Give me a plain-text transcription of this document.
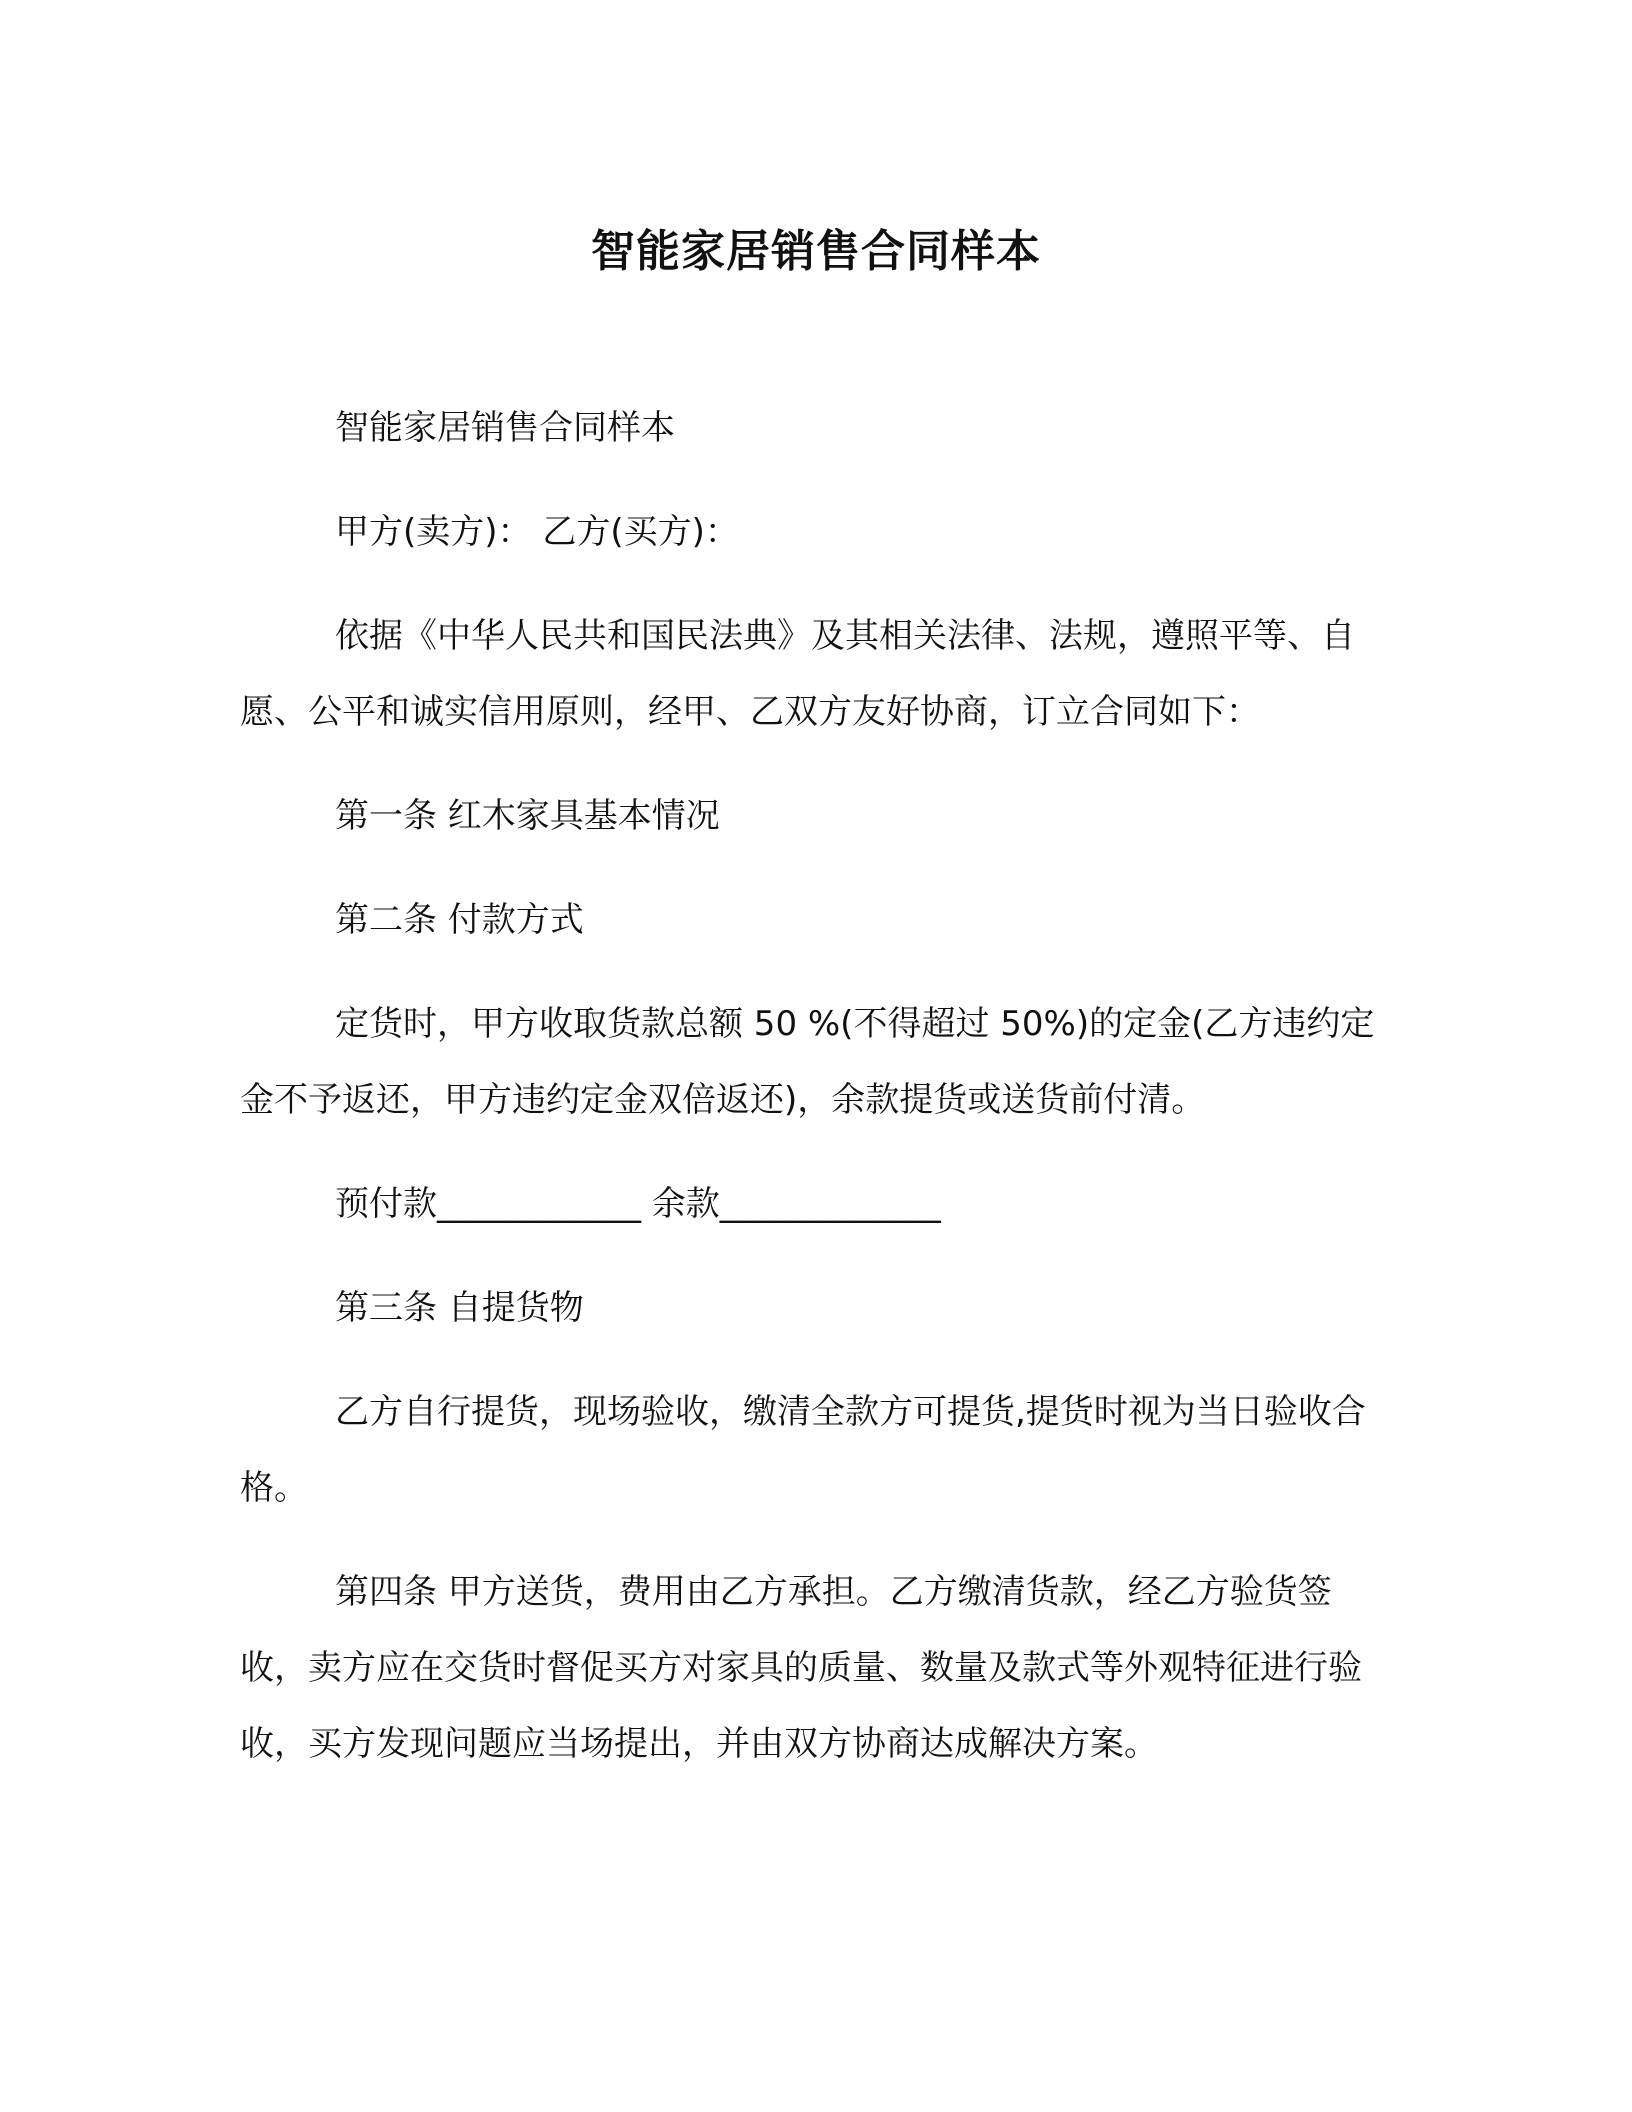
智能家居销售合同样本

智能家居销售合同样本

甲方(卖方)： 乙方(买方)：

依据《中华人民共和国民法典》及其相关法律、法规，遵照平等、自愿、公平和诚实信用原则，经甲、乙双方友好协商，订立合同如下：

第一条 红木家具基本情况

第二条 付款方式

定货时，甲方收取货款总额 50 %(不得超过 50%)的定金(乙方违约定金不予返还，甲方违约定金双倍返还)，余款提货或送货前付清。

预付款____________ 余款_____________

第三条 自提货物

乙方自行提货，现场验收，缴清全款方可提货,提货时视为当日验收合格。

第四条 甲方送货，费用由乙方承担。乙方缴清货款，经乙方验货签收，卖方应在交货时督促买方对家具的质量、数量及款式等外观特征进行验收，买方发现问题应当场提出，并由双方协商达成解决方案。
